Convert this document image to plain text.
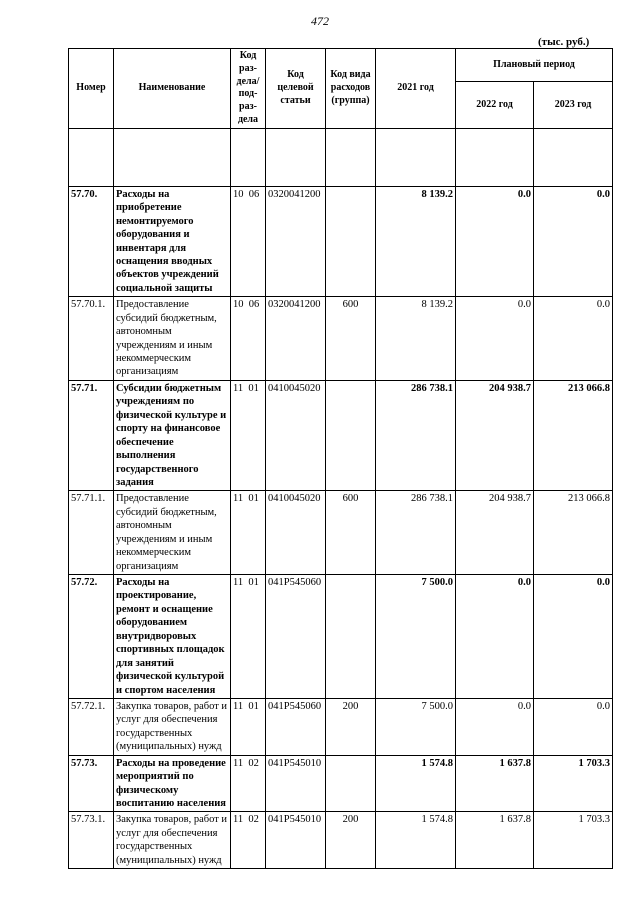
472
(тыс. руб.)
Номер	Наименование	Код раз-дела/ под-раз-дела	Код целевой статьи	Код вида расходов (группа)	2021 год	Плановый период	
						2022 год	2023 год

57.70.	Расходы на приобретение немонтируемого оборудования и инвентаря для оснащения вводных объектов учреждений социальной защиты	10 06	0320041200		8 139.2	0.0	0.0
57.70.1.	Предоставление субсидий бюджетным, автономным учреждениям и иным некоммерческим организациям	10 06	0320041200	600	8 139.2	0.0	0.0
57.71.	Субсидии бюджетным учреждениям по физической культуре и спорту на финансовое обеспечение выполнения государственного задания	11 01	0410045020		286 738.1	204 938.7	213 066.8
57.71.1.	Предоставление субсидий бюджетным, автономным учреждениям и иным некоммерческим организациям	11 01	0410045020	600	286 738.1	204 938.7	213 066.8
57.72.	Расходы на проектирование, ремонт и оснащение оборудованием внутридворовых спортивных площадок для занятий физической культурой и спортом населения	11 01	041P545060		7 500.0	0.0	0.0
57.72.1.	Закупка товаров, работ и услуг для обеспечения государственных (муниципальных) нужд	11 01	041P545060	200	7 500.0	0.0	0.0
57.73.	Расходы на проведение мероприятий по физическому воспитанию населения	11 02	041P545010		1 574.8	1 637.8	1 703.3
57.73.1.	Закупка товаров, работ и услуг для обеспечения государственных (муниципальных) нужд	11 02	041P545010	200	1 574.8	1 637.8	1 703.3
